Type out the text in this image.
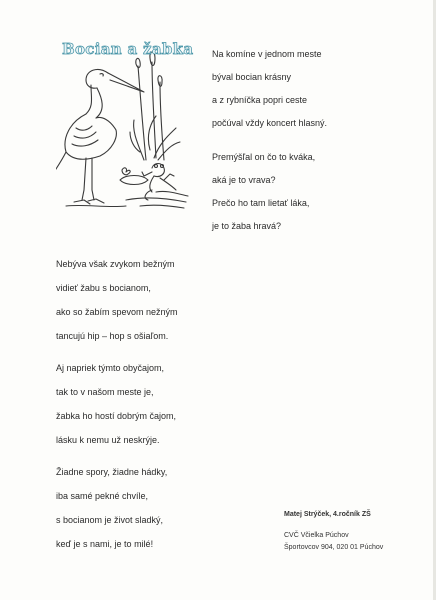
Bocian a žabka Na komíne v jednom meste

býval bocian krásny

a z rybníčka popri ceste

počúval vždy koncert hlasný.

Premýšľal on čo to kváka,

aká je to vrava?

Prečo ho tam lietať láka,

je to žaba hravá?

Nebýva však zvykom bežným

vidieť žabu s bocianom,

ako so žabím spevom nežným

tancujú hip – hop s ošiaľom.

Aj napriek týmto obyčajom,

tak to v našom meste je,

žabka ho hostí dobrým čajom,

lásku k nemu už neskrýje.

Žiadne spory, žiadne hádky,

iba samé pekné chvíle,

s bocianom je život sladký,

keď je s nami, je to milé!

Matej Strýček, 4.ročník ZŠ

CVČ Včielka Púchov

Športovcov 904, 020 01 Púchov
